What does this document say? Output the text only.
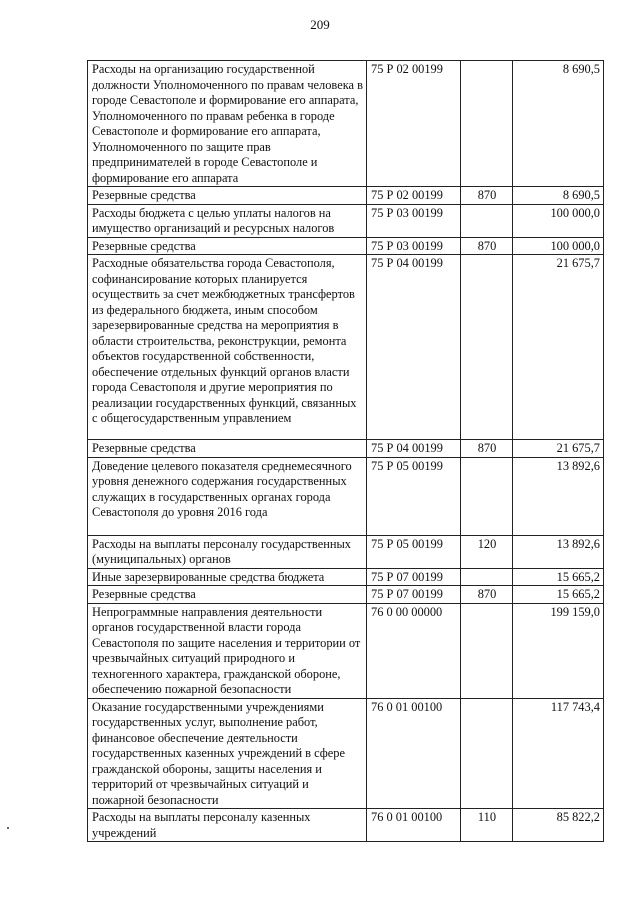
209
Расходы на организацию государственной должности Уполномоченного по правам человека в городе Севастополе и формирование его аппарата, Уполномоченного по правам ребенка в городе Севастополе и формирование его аппарата, Уполномоченного по защите прав предпринимателей в городе Севастополе и формирование его аппарата	75 Р 02 00199		8 690,5
Резервные средства	75 Р 02 00199	870	8 690,5
Расходы бюджета с целью уплаты налогов на имущество организаций и ресурсных налогов	75 Р 03 00199		100 000,0
Резервные средства	75 Р 03 00199	870	100 000,0
Расходные обязательства города Севастополя, софинансирование которых планируется осуществить за счет межбюджетных трансфертов из федерального бюджета, иным способом зарезервированные средства на мероприятия в области строительства, реконструкции, ремонта объектов государственной собственности, обеспечение отдельных функций органов власти города Севастополя и другие мероприятия по реализации государственных функций, связанных с общегосударственным управлением	75 Р 04 00199		21 675,7
Резервные средства	75 Р 04 00199	870	21 675,7
Доведение целевого показателя среднемесячного уровня денежного содержания государственных служащих в государственных органах города Севастополя до уровня 2016 года	75 Р 05 00199		13 892,6
Расходы на выплаты персоналу государственных (муниципальных) органов	75 Р 05 00199	120	13 892,6
Иные зарезервированные средства бюджета	75 Р 07 00199		15 665,2
Резервные средства	75 Р 07 00199	870	15 665,2
Непрограммные направления деятельности органов государственной власти города Севастополя по защите населения и территории от чрезвычайных ситуаций природного и техногенного характера, гражданской обороне, обеспечению пожарной безопасности	76 0 00 00000		199 159,0
Оказание государственными учреждениями государственных услуг, выполнение работ, финансовое обеспечение деятельности государственных казенных учреждений в сфере гражданской обороны, защиты населения и территорий от чрезвычайных ситуаций и пожарной безопасности	76 0 01 00100		117 743,4
Расходы на выплаты персоналу казенных учреждений	76 0 01 00100	110	85 822,2
